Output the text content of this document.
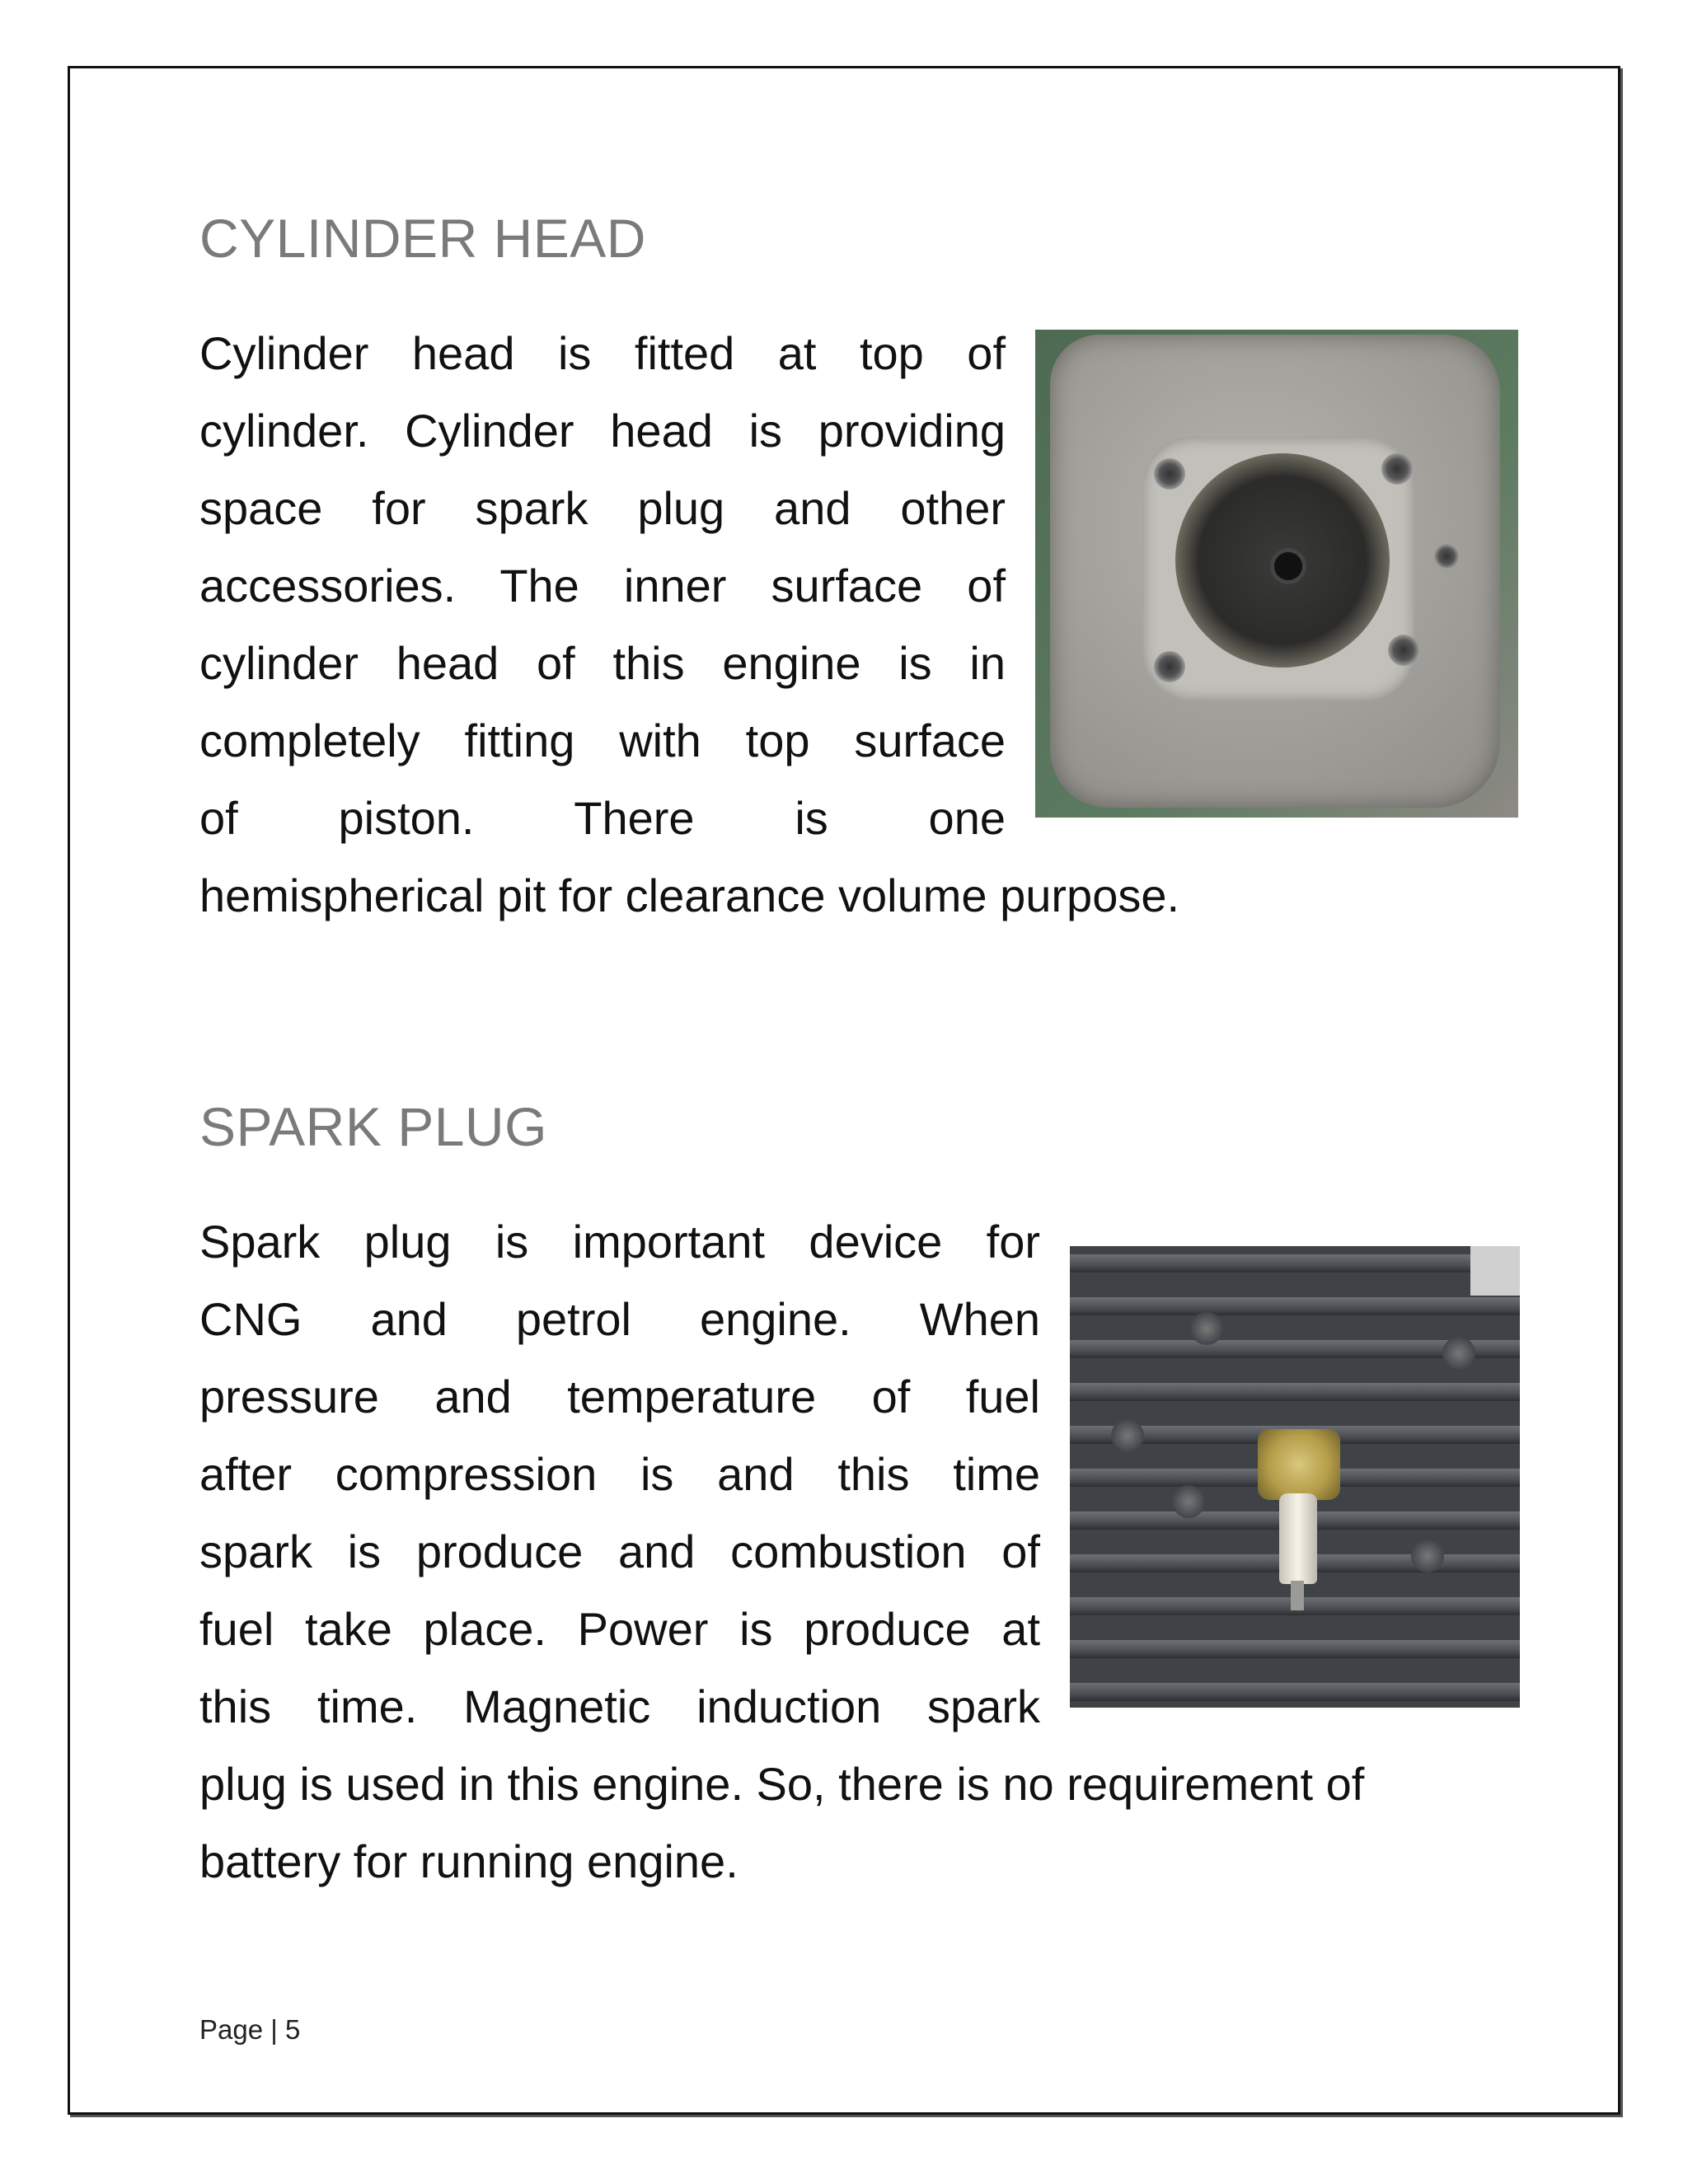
CYLINDER HEAD
Cylinder head is fitted at top of
cylinder. Cylinder head is providing
space for spark plug and other
accessories. The inner surface of
cylinder head of this engine is in
completely fitting with top surface
of piston. There is one
hemispherical pit for clearance volume purpose.
SPARK PLUG
Spark plug is important device for
CNG and petrol engine. When
pressure and temperature of fuel
after compression is and this time
spark is produce and combustion of
fuel take place. Power is produce at
this time. Magnetic induction spark
plug is used in this engine. So, there is no requirement of
battery for running engine.

Page | 5
